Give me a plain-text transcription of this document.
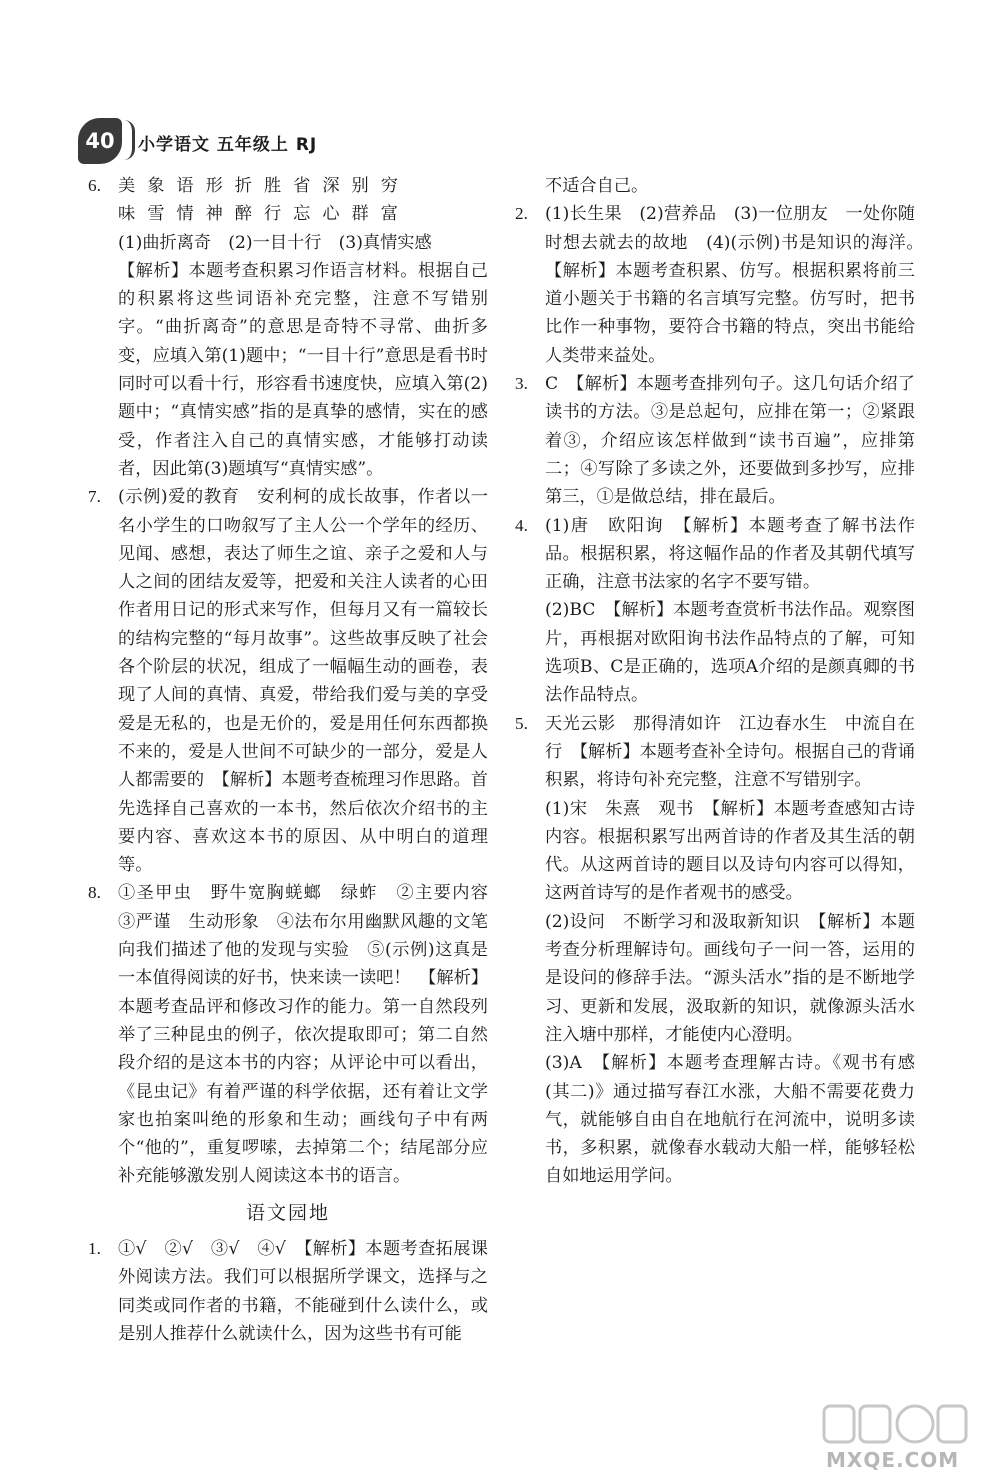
40	小学语文 五年级上 RJ
6. 美象语形折胜省深别穷

味雪情神醉行忘心群富

(1)曲折离奇　(2)一目十行　(3)真情实感

【解析】本题考查积累习作语言材料。根据自己的积累将这些词语补充完整，注意不写错别字。“曲折离奇”的意思是奇特不寻常、曲折多变，应填入第(1)题中；“一目十行”意思是看书时同时可以看十行，形容看书速度快，应填入第(2)题中；“真情实感”指的是真挚的感情，实在的感受，作者注入自己的真情实感，才能够打动读者，因此第(3)题填写“真情实感”。

7. (示例)爱的教育　安利柯的成长故事，作者以一名小学生的口吻叙写了主人公一个学年的经历、见闻、感想，表达了师生之谊、亲子之爱和人与人之间的团结友爱等，把爱和关注人读者的心田作者用日记的形式来写作，但每月又有一篇较长的结构完整的“每月故事”。这些故事反映了社会各个阶层的状况，组成了一幅幅生动的画卷，表现了人间的真情、真爱，带给我们爱与美的享受　　爱是无私的，也是无价的，爱是用任何东西都换不来的，爱是人世间不可缺少的一部分，爱是人人都需要的　【解析】本题考查梳理习作思路。首先选择自己喜欢的一本书，然后依次介绍书的主要内容、喜欢这本书的原因、从中明白的道理等。

8. ①圣甲虫　野牛宽胸蜣螂　绿蚱　②主要内容　③严谨　生动形象　④法布尔用幽默风趣的文笔向我们描述了他的发现与实验　⑤(示例)这真是一本值得阅读的好书，快来读一读吧！　【解析】本题考查品评和修改习作的能力。第一自然段列举了三种昆虫的例子，依次提取即可；第二自然段介绍的是这本书的内容；从评论中可以看出，《昆虫记》有着严谨的科学依据，还有着让文学家也拍案叫绝的形象和生动；画线句子中有两个“他的”，重复啰嗦，去掉第二个；结尾部分应补充能够激发别人阅读这本书的语言。

语文园地
1. ①√　②√　③√　④√　【解析】本题考查拓展课外阅读方法。我们可以根据所学课文，选择与之同类或同作者的书籍，不能碰到什么读什么，或是别人推荐什么就读什么，因为这些书有可能

不适合自己。

2. (1)长生果　(2)营养品　(3)一位朋友　一处你随时想去就去的故地　(4)(示例)书是知识的海洋。　【解析】本题考查积累、仿写。根据积累将前三道小题关于书籍的名言填写完整。仿写时，把书比作一种事物，要符合书籍的特点，突出书能给人类带来益处。

3. C　【解析】本题考查排列句子。这几句话介绍了读书的方法。③是总起句，应排在第一；②紧跟着③，介绍应该怎样做到“读书百遍”，应排第二；④写除了多读之外，还要做到多抄写，应排第三，①是做总结，排在最后。

4. (1)唐　欧阳询　【解析】本题考查了解书法作品。根据积累，将这幅作品的作者及其朝代填写正确，注意书法家的名字不要写错。

(2)BC　【解析】本题考查赏析书法作品。观察图片，再根据对欧阳询书法作品特点的了解，可知选项B、C是正确的，选项A介绍的是颜真卿的书法作品特点。

5. 天光云影　那得清如许　江边春水生　中流自在行　【解析】本题考查补全诗句。根据自己的背诵积累，将诗句补充完整，注意不写错别字。

(1)宋　朱熹　观书　【解析】本题考查感知古诗内容。根据积累写出两首诗的作者及其生活的朝代。从这两首诗的题目以及诗句内容可以得知，这两首诗写的是作者观书的感受。

(2)设问　不断学习和汲取新知识　【解析】本题考查分析理解诗句。画线句子一问一答，运用的是设问的修辞手法。“源头活水”指的是不断地学习、更新和发展，汲取新的知识，就像源头活水注入塘中那样，才能使内心澄明。

(3)A　【解析】本题考查理解古诗。《观书有感(其二)》通过描写春江水涨，大船不需要花费力气，就能够自由自在地航行在河流中，说明多读书，多积累，就像春水载动大船一样，能够轻松自如地运用学问。

MXQE.COM
